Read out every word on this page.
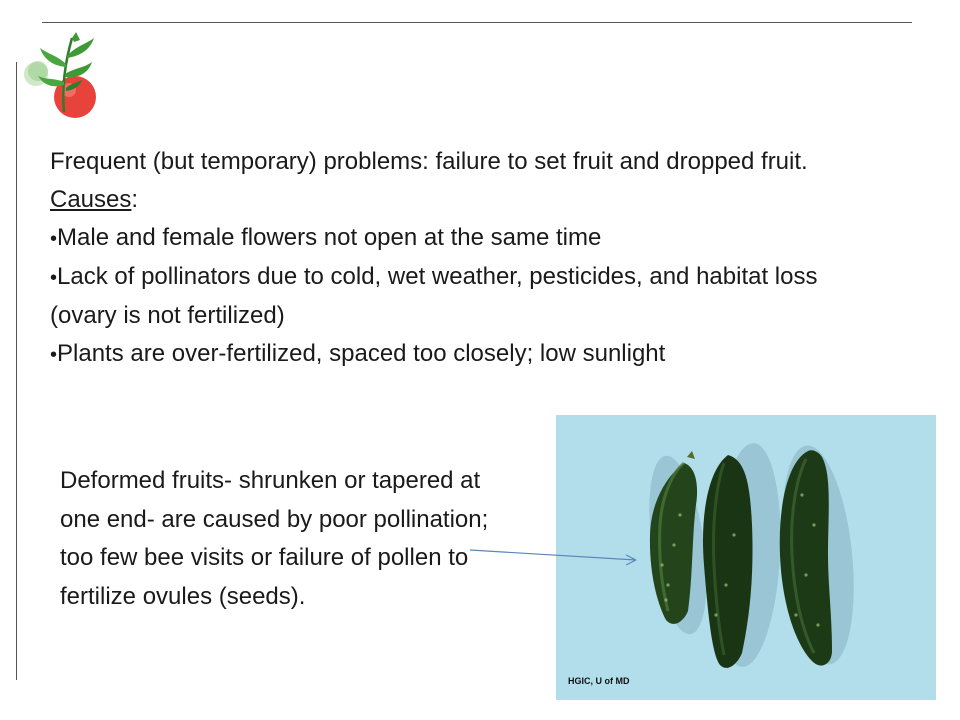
Frequent (but temporary) problems: failure to set fruit and dropped fruit.

Causes:

•Male and female flowers not open at the same time

•Lack of pollinators due to cold, wet weather, pesticides, and habitat loss (ovary is not fertilized)

•Plants are over-fertilized, spaced too closely; low sunlight

Deformed fruits- shrunken or tapered at one end- are caused by poor pollination; too few bee visits or failure of pollen to fertilize ovules (seeds).
HGIC, U of MD
